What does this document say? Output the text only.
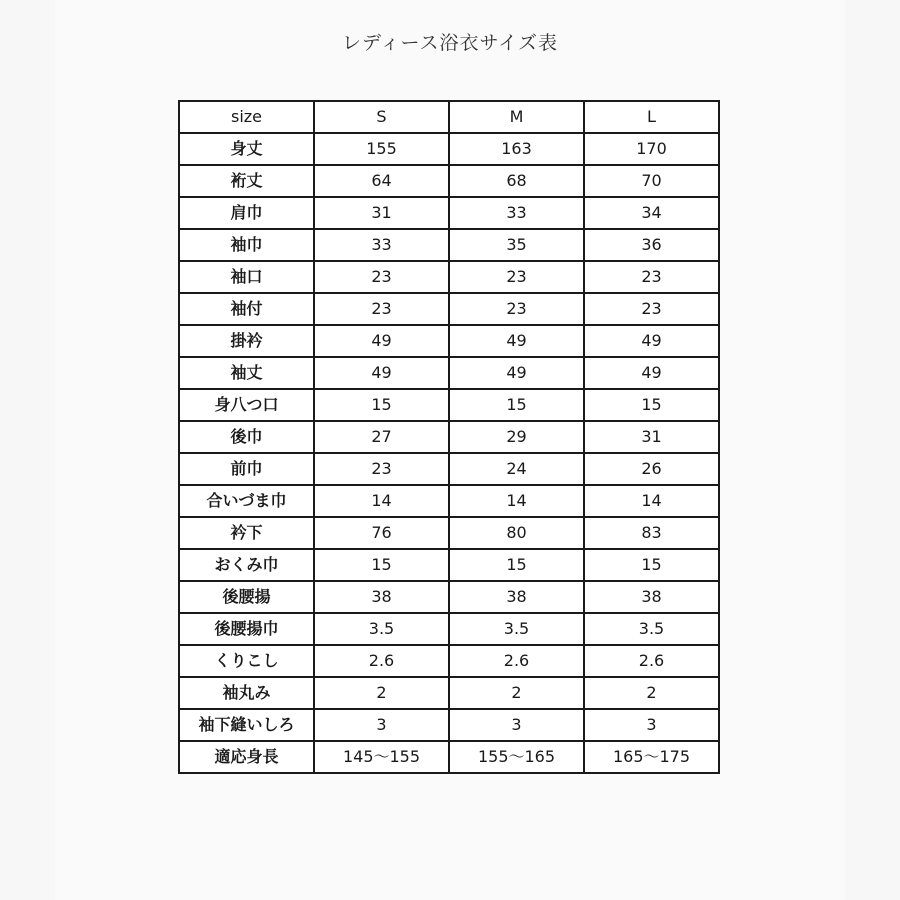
レディース浴衣サイズ表
size	S	M	L
身丈	155	163	170
裄丈	64	68	70
肩巾	31	33	34
袖巾	33	35	36
袖口	23	23	23
袖付	23	23	23
掛衿	49	49	49
袖丈	49	49	49
身八つ口	15	15	15
後巾	27	29	31
前巾	23	24	26
合いづま巾	14	14	14
衿下	76	80	83
おくみ巾	15	15	15
後腰揚	38	38	38
後腰揚巾	3.5	3.5	3.5
くりこし	2.6	2.6	2.6
袖丸み	2	2	2
袖下縫いしろ	3	3	3
適応身長	145～155	155～165	165～175
